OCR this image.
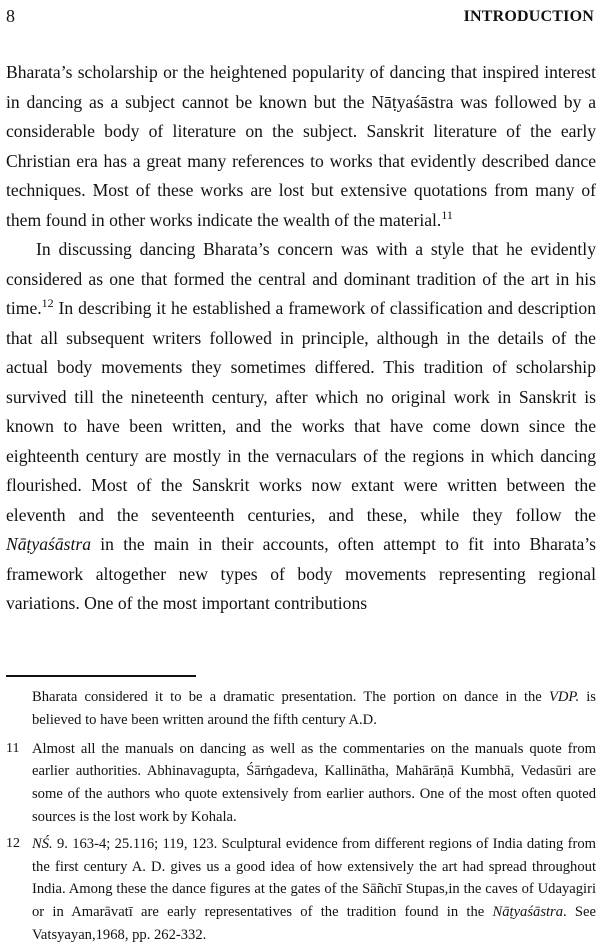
8	INTRODUCTION

Bharata’s scholarship or the heightened popularity of dancing that inspired interest in dancing as a subject cannot be known but the Nāṭyaśāstra was followed by a considerable body of literature on the subject. Sanskrit literature of the early Christian era has a great many references to works that evidently described dance techniques. Most of these works are lost but extensive quotations from many of them found in other works indicate the wealth of the material.$^{11}$

In discussing dancing Bharata’s concern was with a style that he evidently considered as one that formed the central and dominant tradition of the art in his time.$^{12}$ In describing it he established a framework of classification and description that all subsequent writers followed in principle, although in the details of the actual body movements they sometimes differed. This tradition of scholarship survived till the nineteenth century, after which no original work in Sanskrit is known to have been written, and the works that have come down since the eighteenth century are mostly in the vernaculars of the regions in which dancing flourished. Most of the Sanskrit works now extant were written between the eleventh and the seventeenth centuries, and these, while they follow the Nāṭyaśāstra in the main in their accounts, often attempt to fit into Bharata’s framework altogether new types of body movements representing regional variations. One of the most important contributions

Bharata considered it to be a dramatic presentation. The portion on dance in the VDP. is believed to have been written around the fifth century A.D.
11 Almost all the manuals on dancing as well as the commentaries on the manuals quote from earlier authorities. Abhinavagupta, Śārṅgadeva, Kallinātha, Mahārāṇā Kumbhā, Vedasūri are some of the authors who quote extensively from earlier authors. One of the most often quoted sources is the lost work by Kohala.
12 NŚ. 9. 163-4; 25.116; 119, 123. Sculptural evidence from different regions of India dating from the first century A. D. gives us a good idea of how extensively the art had spread throughout India. Among these the dance figures at the gates of the Sāñchī Stupas,in the caves of Udayagiri or in Amarāvatī are early representatives of the tradition found in the Nāṭyaśāstra. See Vatsyayan,1968, pp. 262-332.
